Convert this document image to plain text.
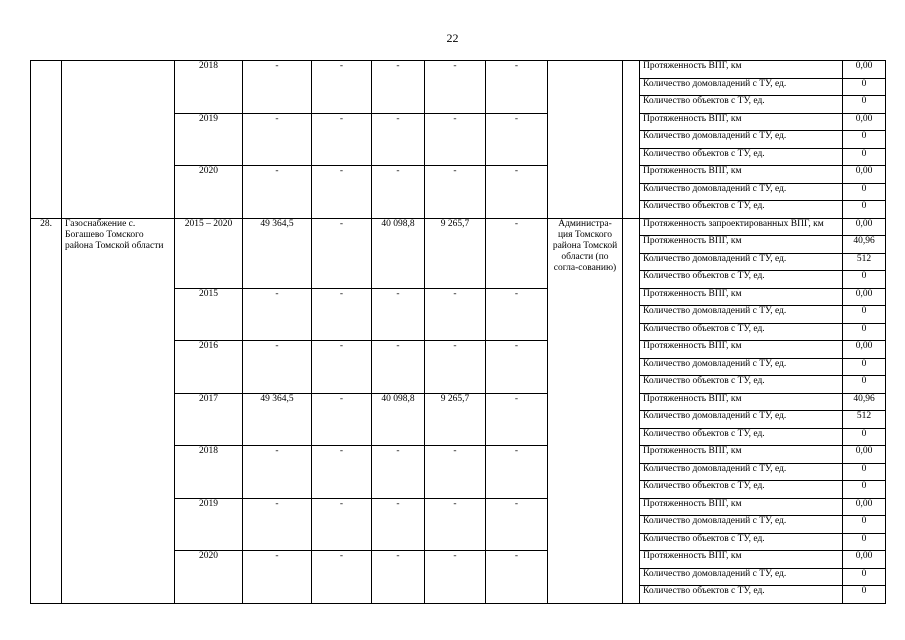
22
		2018	-	-	-	-	-			Протяженность ВПГ, км	0,00
										Количество домовладений с ТУ, ед.	0
										Количество объектов с ТУ, ед.	0
		2019	-	-	-	-	-			Протяженность ВПГ, км	0,00
										Количество домовладений с ТУ, ед.	0
										Количество объектов с ТУ, ед.	0
		2020	-	-	-	-	-			Протяженность ВПГ, км	0,00
										Количество домовладений с ТУ, ед.	0
										Количество объектов с ТУ, ед.	0
28.	Газоснабжение с. Богашево Томского района Томской области	2015 – 2020	49 364,5	-	40 098,8	9 265,7	-	Администра-ция Томского района Томской области (по согла-сованию)		Протяженность запроектированных ВПГ, км	0,00
										Протяженность ВПГ, км	40,96
										Количество домовладений с ТУ, ед.	512
										Количество объектов с ТУ, ед.	0
		2015	-	-	-	-	-			Протяженность ВПГ, км	0,00
										Количество домовладений с ТУ, ед.	0
										Количество объектов с ТУ, ед.	0
		2016	-	-	-	-	-			Протяженность ВПГ, км	0,00
										Количество домовладений с ТУ, ед.	0
										Количество объектов с ТУ, ед.	0
		2017	49 364,5	-	40 098,8	9 265,7	-			Протяженность ВПГ, км	40,96
										Количество домовладений с ТУ, ед.	512
										Количество объектов с ТУ, ед.	0
		2018	-	-	-	-	-			Протяженность ВПГ, км	0,00
										Количество домовладений с ТУ, ед.	0
										Количество объектов с ТУ, ед.	0
		2019	-	-	-	-	-			Протяженность ВПГ, км	0,00
										Количество домовладений с ТУ, ед.	0
										Количество объектов с ТУ, ед.	0
		2020	-	-	-	-	-			Протяженность ВПГ, км	0,00
										Количество домовладений с ТУ, ед.	0
										Количество объектов с ТУ, ед.	0
